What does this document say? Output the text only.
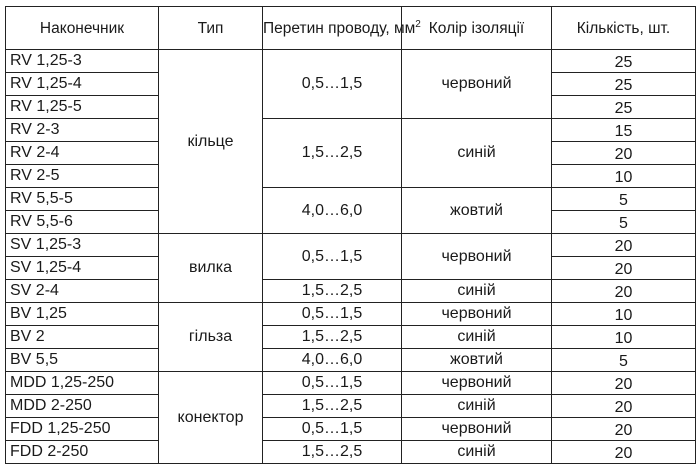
Наконечник	Тип	Перетин проводу, $мм^2$	Колір ізоляції	Кількість, шт.
RV 1,25-3	кільце	0,5…1,5	червоний	25
RV 1,25-4				25
RV 1,25-5				25
RV 2-3		1,5…2,5	синій	15
RV 2-4				20
RV 2-5				10
RV 5,5-5		4,0…6,0	жовтий	5
RV 5,5-6				5
SV 1,25-3	вилка	0,5…1,5	червоний	20
SV 1,25-4				20
SV 2-4		1,5…2,5	синій	20
BV 1,25	гільза	0,5…1,5	червоний	10
BV 2		1,5…2,5	синій	10
BV 5,5		4,0…6,0	жовтий	5
MDD 1,25-250	конектор	0,5…1,5	червоний	20
MDD 2-250		1,5…2,5	синій	20
FDD 1,25-250		0,5…1,5	червоний	20
FDD 2-250		1,5…2,5	синій	20
